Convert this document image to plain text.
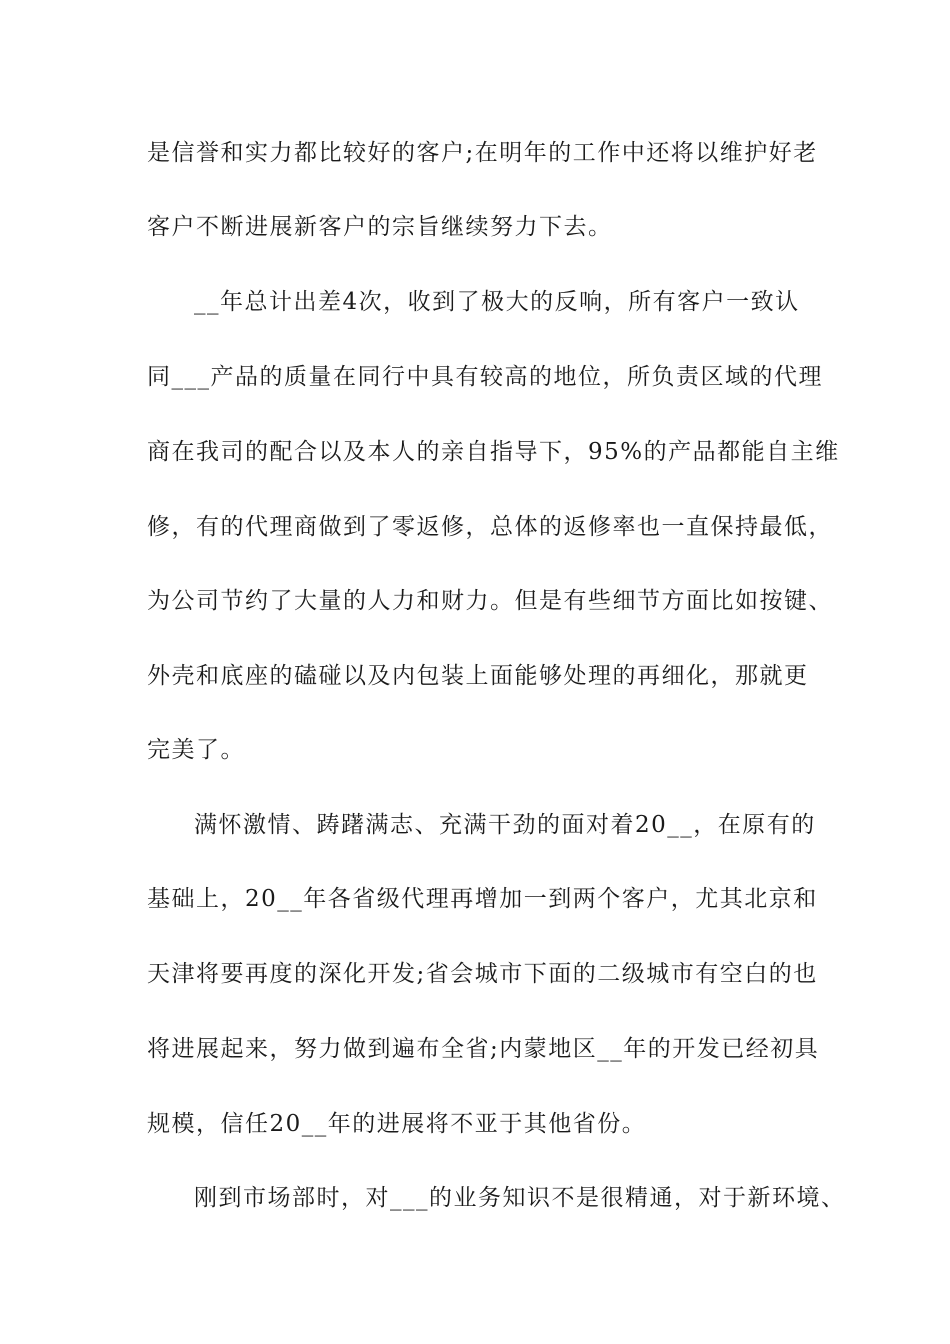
是信誉和实力都比较好的客户;在明年的工作中还将以维护好老
客户不断进展新客户的宗旨继续努力下去。
__年总计出差4次，收到了极大的反响，所有客户一致认
同___产品的质量在同行中具有较高的地位，所负责区域的代理
商在我司的配合以及本人的亲自指导下，95%的产品都能自主维
修，有的代理商做到了零返修，总体的返修率也一直保持最低，
为公司节约了大量的人力和财力。但是有些细节方面比如按键、
外壳和底座的磕碰以及内包装上面能够处理的再细化，那就更
完美了。
满怀激情、踌躇满志、充满干劲的面对着20__，在原有的
基础上，20__年各省级代理再增加一到两个客户，尤其北京和
天津将要再度的深化开发;省会城市下面的二级城市有空白的也
将进展起来，努力做到遍布全省;内蒙地区__年的开发已经初具
规模，信任20__年的进展将不亚于其他省份。
刚到市场部时，对___的业务知识不是很精通，对于新环境、
